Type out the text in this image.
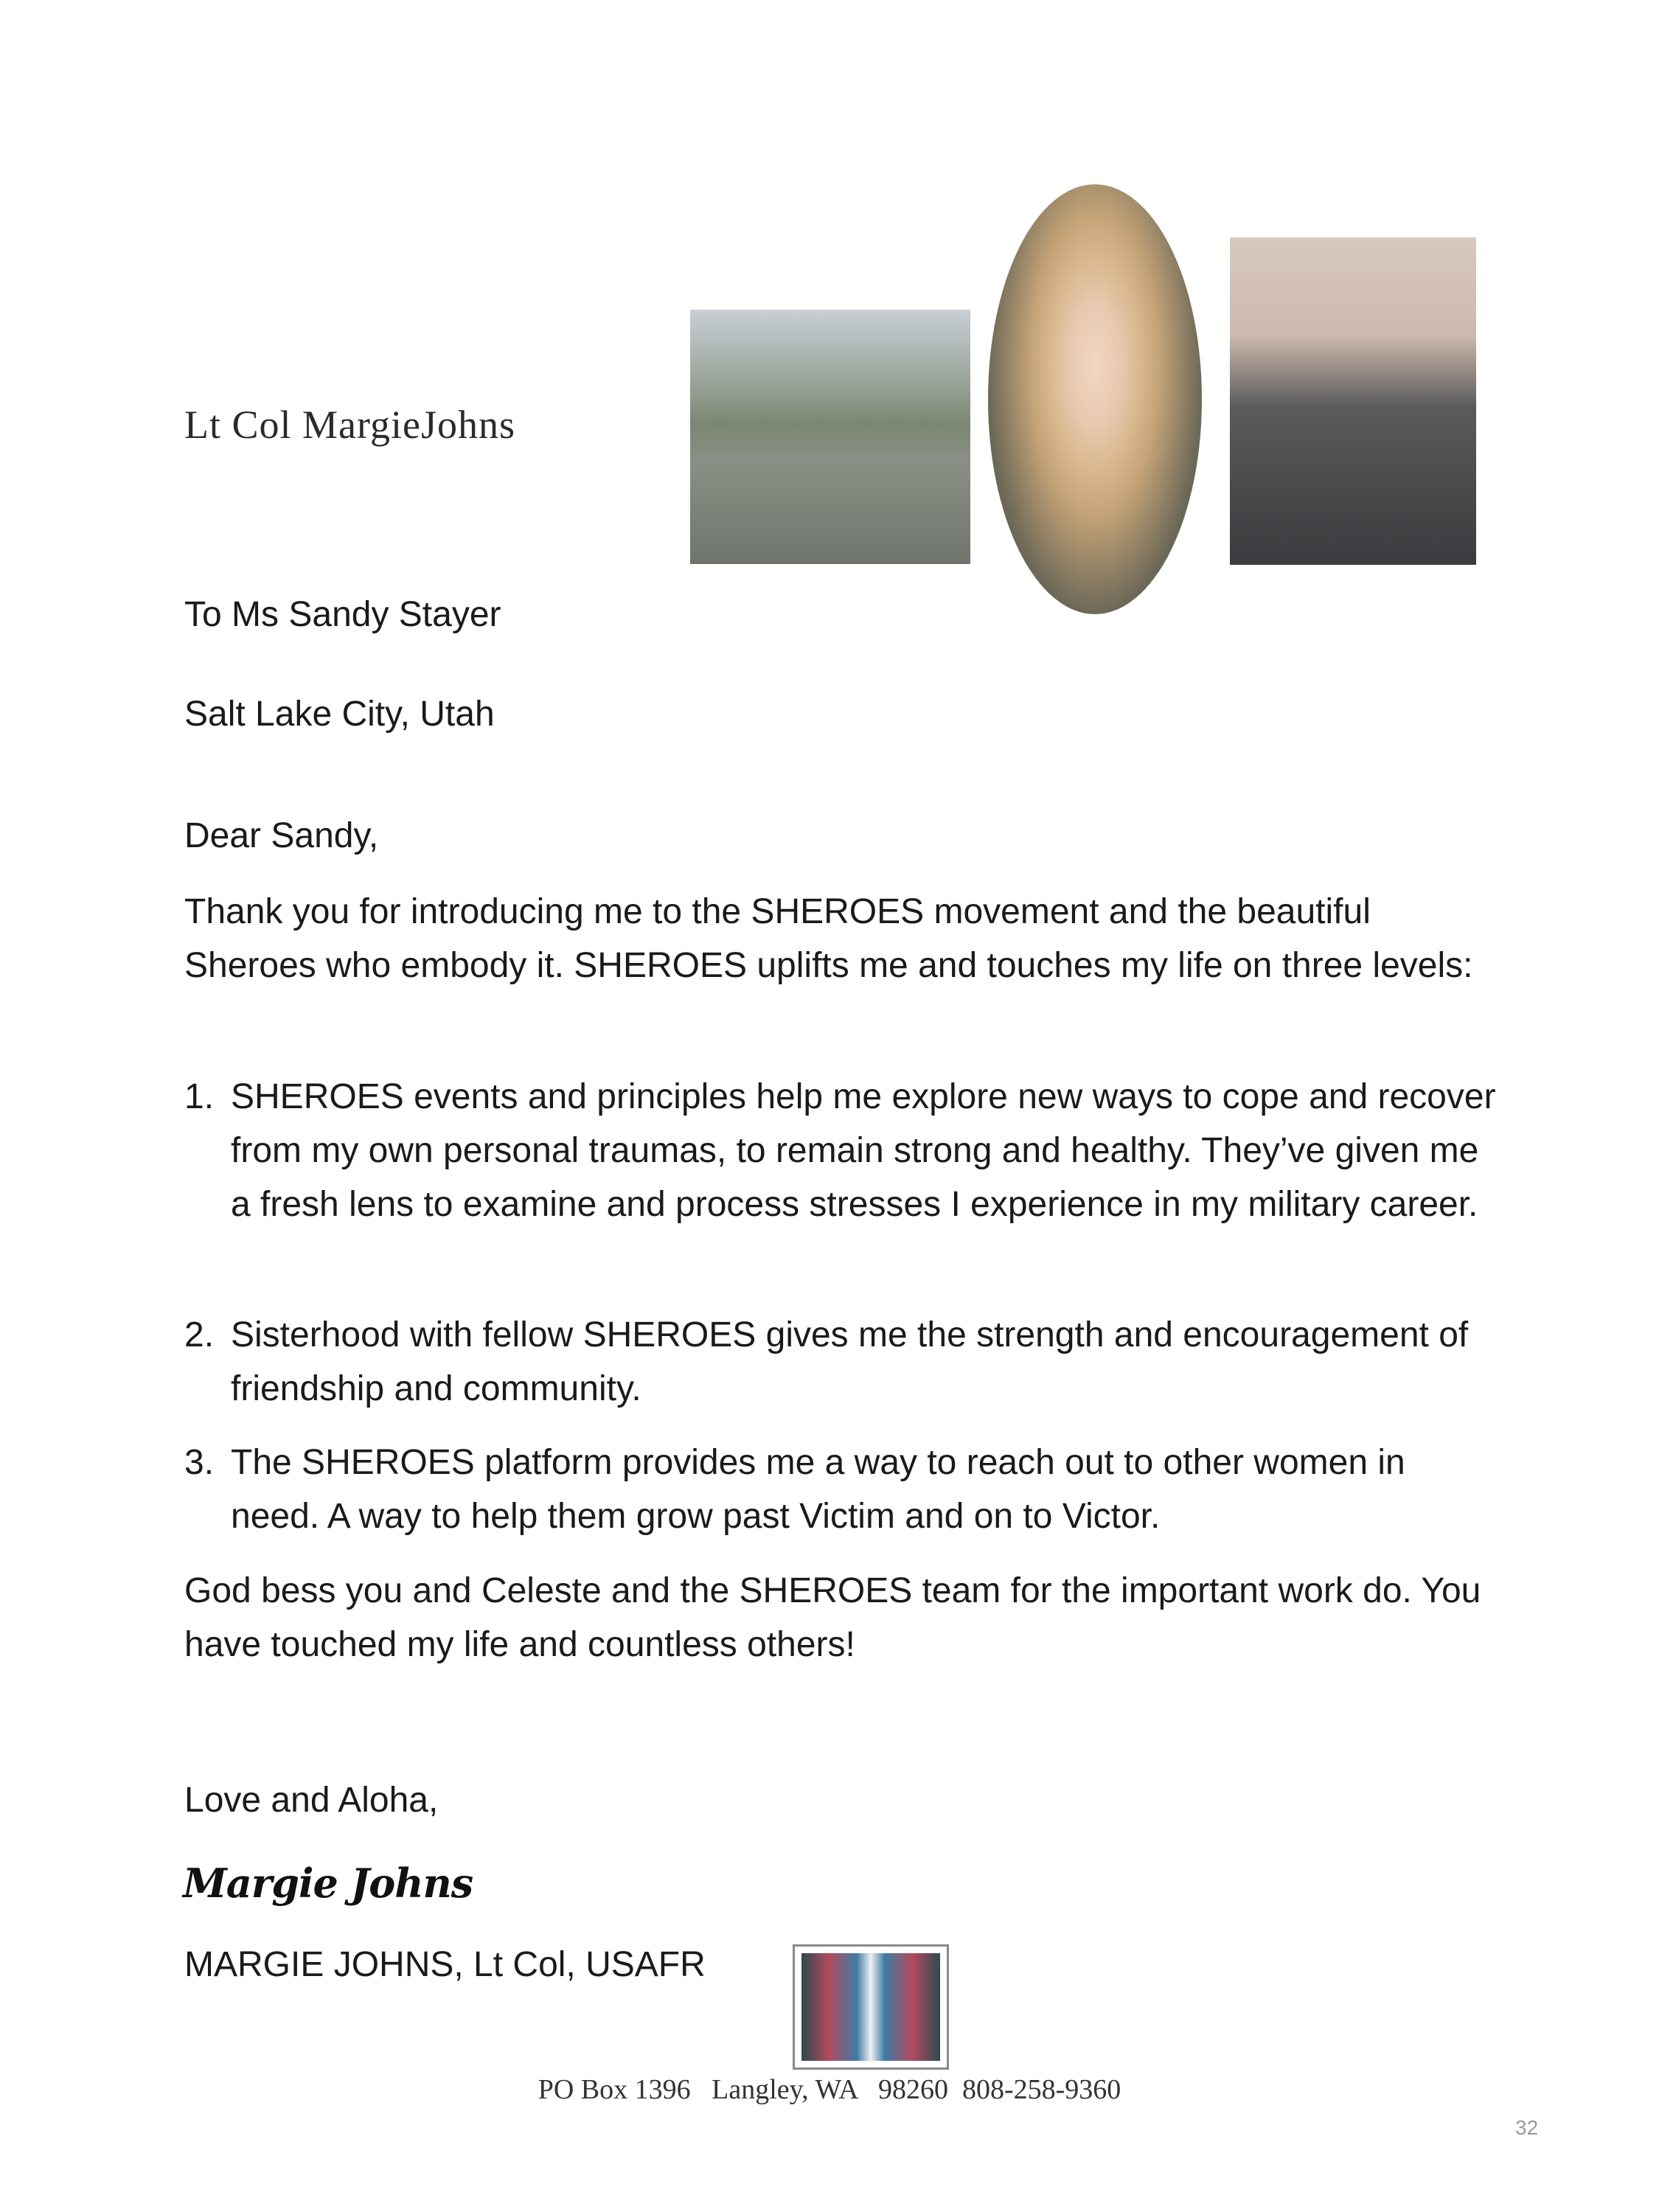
Lt Col MargieJohns
To Ms Sandy Stayer
Salt Lake City, Utah
Dear Sandy,
Thank you for introducing me to the SHEROES movement and the beautiful Sheroes who embody it. SHEROES uplifts me and touches my life on three levels:
1. SHEROES events and principles help me explore new ways to cope and recover from my own personal traumas, to remain strong and healthy. They’ve given me a fresh lens to examine and process stresses I experience in my military career.
2. Sisterhood with fellow SHEROES gives me the strength and encouragement of friendship and community.
3. The SHEROES platform provides me a way to reach out to other women in need. A way to help them grow past Victim and on to Victor.
God bess you and Celeste and the SHEROES team for the important work do. You have touched my life and countless others!
Love and Aloha,
Margie Johns
MARGIE JOHNS, Lt Col, USAFR
PO Box 1396   Langley, WA   98260  808-258-9360
32
